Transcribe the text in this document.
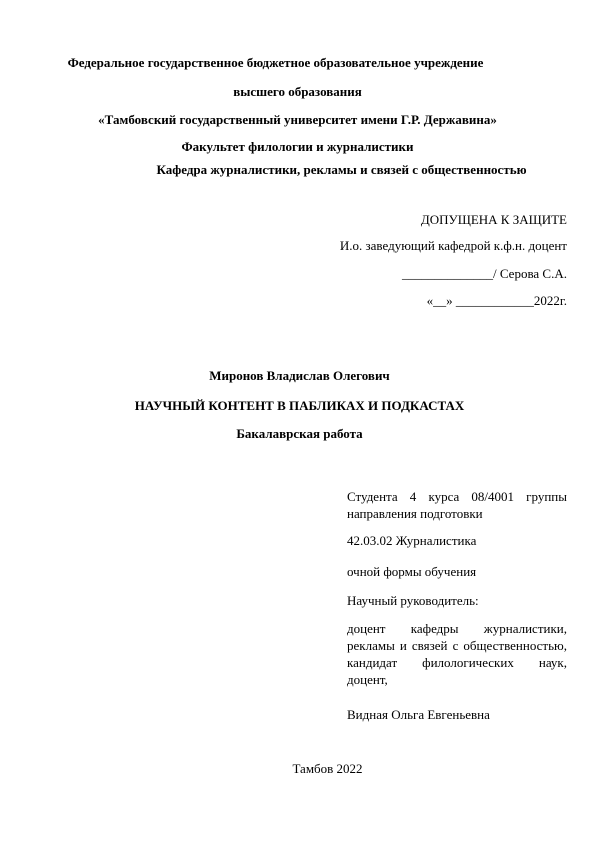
Федеральное государственное бюджетное образовательное учреждение
высшего образования
«Тамбовский государственный университет имени Г.Р. Державина»
Факультет филологии и журналистики
Кафедра журналистики, рекламы и связей с общественностью
ДОПУЩЕНА К ЗАЩИТЕ
И.о. заведующий кафедрой к.ф.н. доцент
______________/ Серова С.А.
«__» ____________2022г.
Миронов Владислав Олегович
НАУЧНЫЙ КОНТЕНТ В ПАБЛИКАХ И ПОДКАСТАХ
Бакалаврская работа
Студента 4 курса 08/4001 группы направления подготовки
42.03.02 Журналистика
очной формы обучения
Научный руководитель:
доцент кафедры журналистики, рекламы и связей с общественностью, кандидат филологических наук, доцент,
Видная Ольга Евгеньевна
Тамбов 2022
